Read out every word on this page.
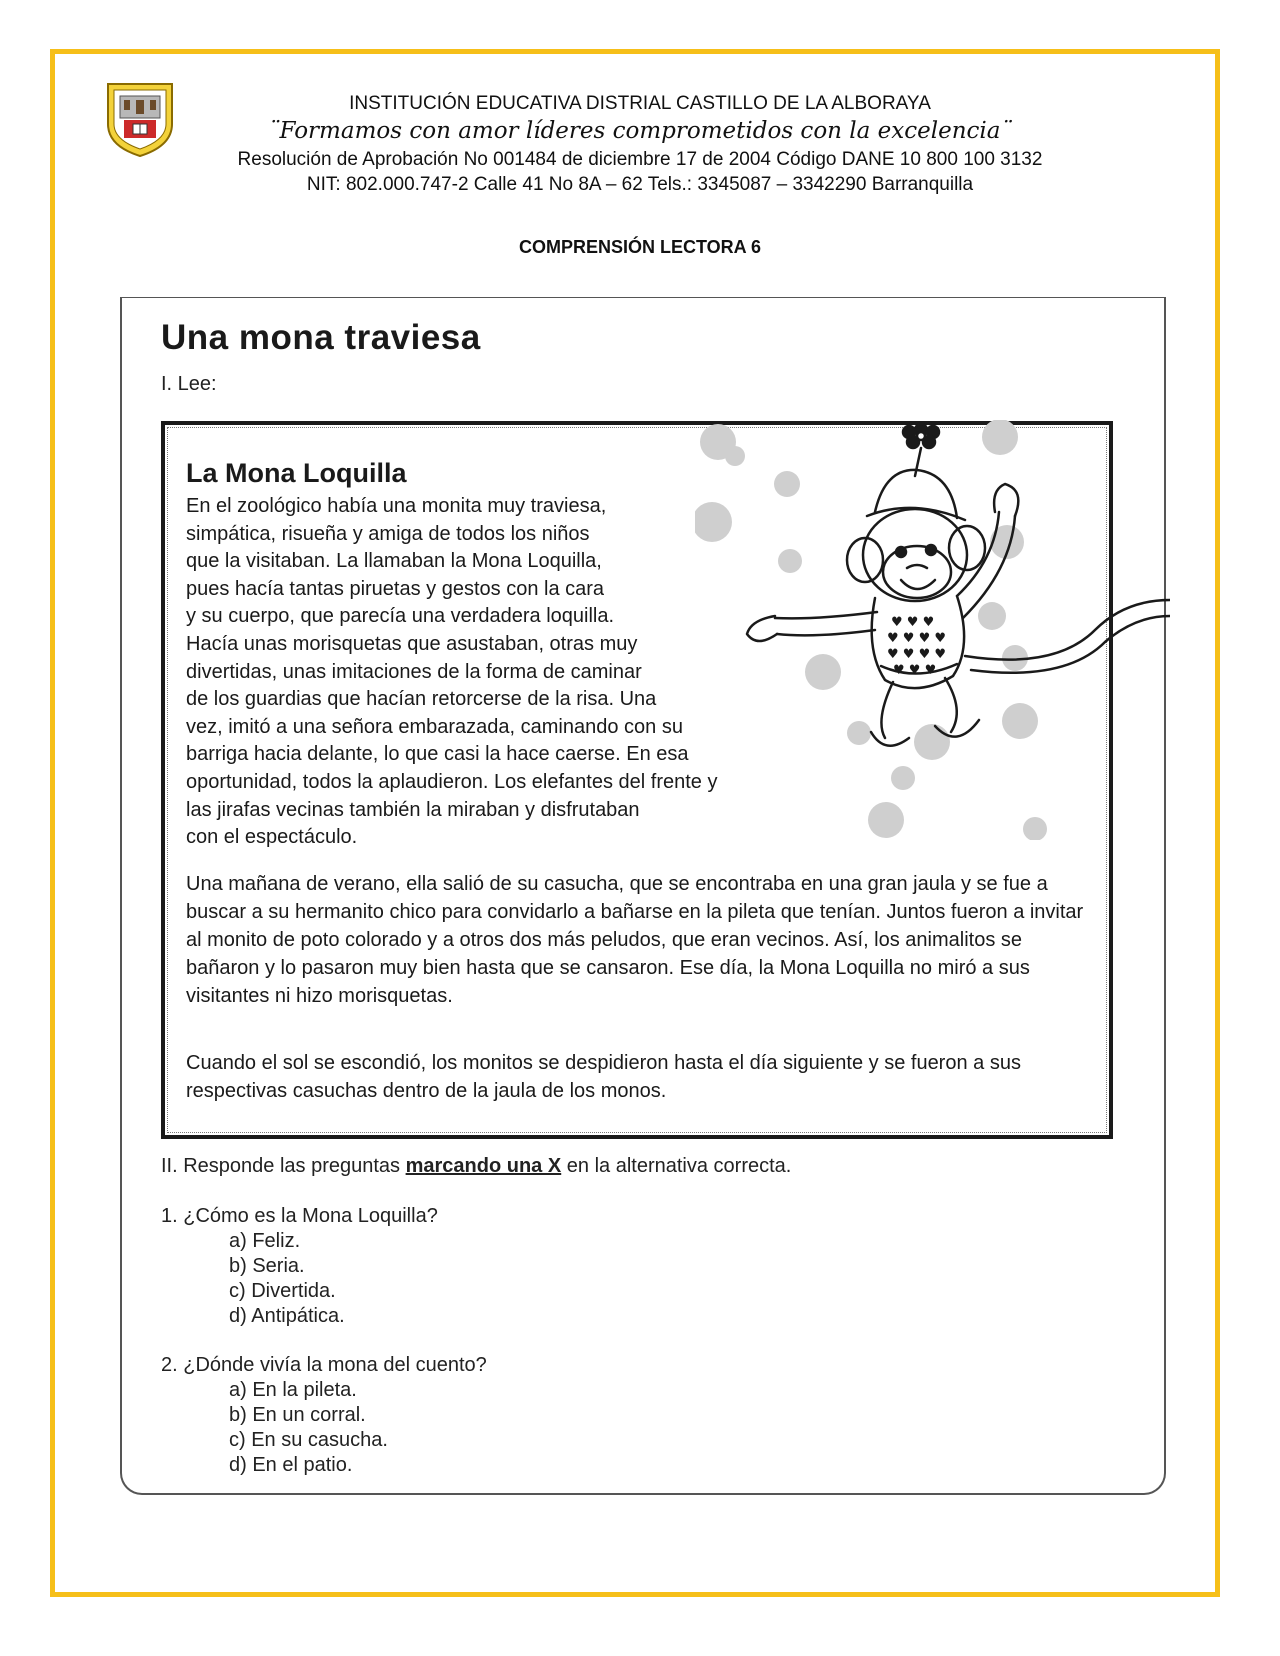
INSTITUCIÓN EDUCATIVA DISTRIAL CASTILLO DE LA ALBORAYA
¨Formamos con amor líderes comprometidos con la excelencia¨
Resolución de Aprobación No 001484 de diciembre 17 de 2004 Código DANE 10 800 100 3132
NIT: 802.000.747-2 Calle 41 No 8A – 62 Tels.: 3345087 – 3342290 Barranquilla
COMPRENSIÓN LECTORA 6
Una mona traviesa
I. Lee:
♥ ♥ ♥
♥ ♥ ♥ ♥
♥ ♥ ♥ ♥
♥ ♥ ♥
La Mona Loquilla
En el zoológico había una monita muy traviesa,
simpática, risueña y amiga de todos los niños
que la visitaban. La llamaban la Mona Loquilla,
pues hacía tantas piruetas y gestos con la cara
y su cuerpo, que parecía una verdadera loquilla.
Hacía unas morisquetas que asustaban, otras muy
divertidas, unas imitaciones de la forma de caminar
de los guardias que hacían retorcerse de la risa. Una
vez, imitó a una señora embarazada, caminando con su
barriga hacia delante, lo que casi la hace caerse. En esa
oportunidad, todos la aplaudieron. Los elefantes del frente y
las jirafas vecinas también la miraban y disfrutaban
con el espectáculo.
Una mañana de verano, ella salió de su casucha, que se encontraba en una gran jaula y se fue a buscar a su hermanito chico para convidarlo a bañarse en la pileta que tenían. Juntos fueron a invitar al monito de poto colorado y a otros dos más peludos, que eran vecinos. Así, los animalitos se bañaron y lo pasaron muy bien hasta que se cansaron. Ese día, la Mona Loquilla no miró a sus visitantes ni hizo morisquetas.
Cuando el sol se escondió, los monitos se despidieron hasta el día siguiente y se fueron a sus respectivas casuchas dentro de la jaula de los monos.
II. Responde las preguntas marcando una X en la alternativa correcta.
1. ¿Cómo es la Mona Loquilla?
a) Feliz.
b) Seria.
c) Divertida.
d) Antipática.
2. ¿Dónde vivía la mona del cuento?
a) En la pileta.
b) En un corral.
c) En su casucha.
d) En el patio.
